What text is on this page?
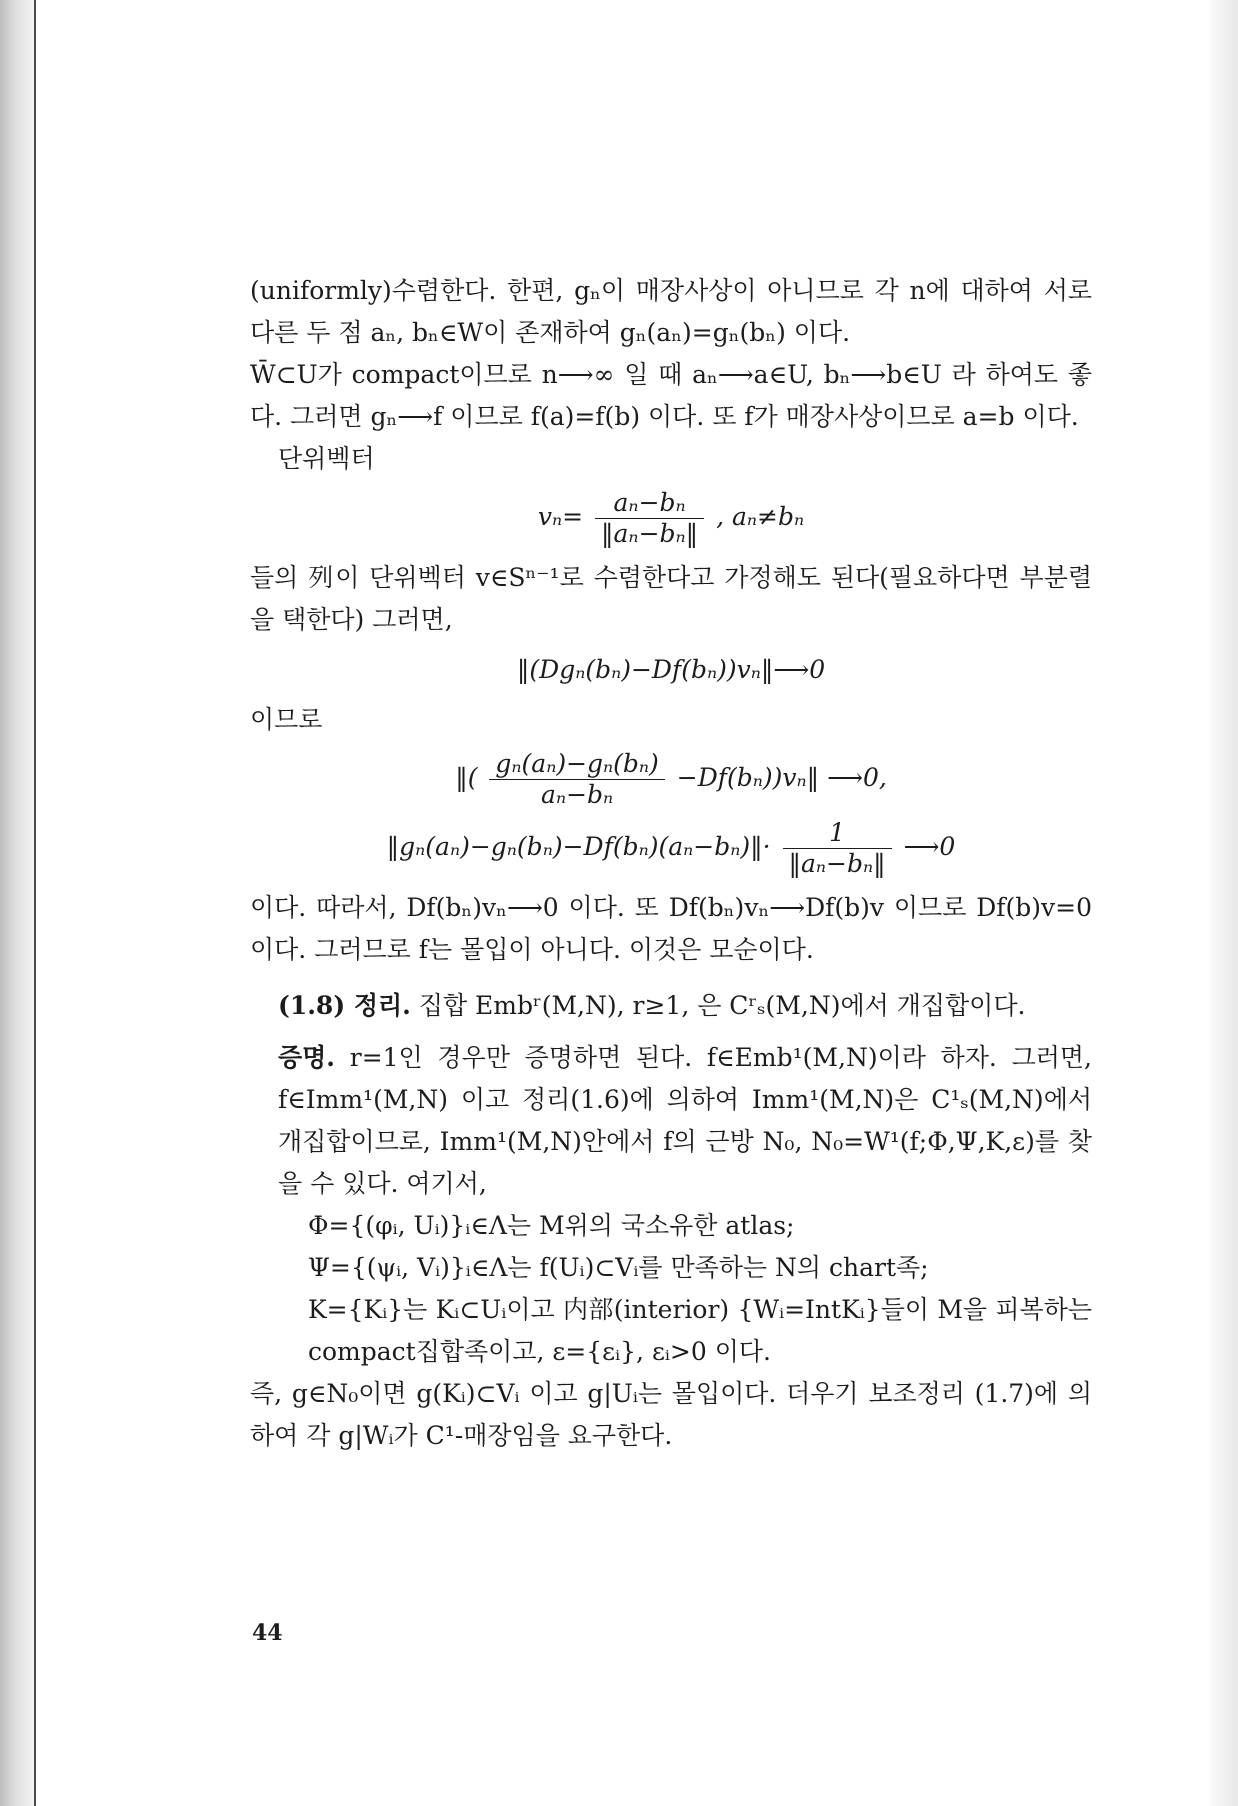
(uniformly)수렴한다. 한편, gₙ이 매장사상이 아니므로 각 n에 대하여 서로 다른 두 점 aₙ, bₙ∈W이 존재하여 gₙ(aₙ)=gₙ(bₙ) 이다.

W̄⊂U가 compact이므로 n⟶∞ 일 때 aₙ⟶a∈U, bₙ⟶b∈U 라 하여도 좋다. 그러면 gₙ⟶f 이므로 f(a)=f(b) 이다. 또 f가 매장사상이므로 a=b 이다.

단위벡터

$v_n= \frac{\text{aₙ−bₙ}}{\text{‖aₙ−bₙ‖}}$ , aₙ≠bₙ

들의 列이 단위벡터 v∈Sⁿ⁻¹로 수렴한다고 가정해도 된다(필요하다면 부분렬을 택한다) 그러면,

‖(Dgₙ(bₙ)−Df(bₙ))vₙ‖⟶0

이므로

‖( $\frac{\text{gₙ(aₙ)−gₙ(bₙ)}}{\text{aₙ−bₙ}}$ −Df(bₙ))vₙ‖ ⟶0,
‖gₙ(aₙ)−gₙ(bₙ)−Df(bₙ)(aₙ−bₙ)‖· $\frac{1}{\text{‖aₙ−bₙ‖}}$ ⟶0

이다. 따라서, Df(bₙ)vₙ⟶0 이다. 또 Df(bₙ)vₙ⟶Df(b)v 이므로 Df(b)v=0 이다. 그러므로 f는 몰입이 아니다. 이것은 모순이다.

(1.8) 정리. 집합 Embʳ(M,N), r≥1, 은 Cʳₛ(M,N)에서 개집합이다.

증명. r=1인 경우만 증명하면 된다. f∈Emb¹(M,N)이라 하자. 그러면, f∈Imm¹(M,N) 이고 정리(1.6)에 의하여 Imm¹(M,N)은 C¹ₛ(M,N)에서 개집합이므로, Imm¹(M,N)안에서 f의 근방 N₀, N₀=W¹(f;Φ,Ψ,K,ε)를 찾을 수 있다. 여기서,

Φ={(φᵢ, Uᵢ)}ᵢ∈Λ는 M위의 국소유한 atlas;

Ψ={(ψᵢ, Vᵢ)}ᵢ∈Λ는 f(Uᵢ)⊂Vᵢ를 만족하는 N의 chart족;

K={Kᵢ}는 Kᵢ⊂Uᵢ이고 内部(interior) {Wᵢ=IntKᵢ}들이 M을 피복하는 compact집합족이고, ε={εᵢ}, εᵢ>0 이다.

즉, g∈N₀이면 g(Kᵢ)⊂Vᵢ 이고 g|Uᵢ는 몰입이다. 더우기 보조정리 (1.7)에 의하여 각 g|Wᵢ가 C¹-매장임을 요구한다.

44
